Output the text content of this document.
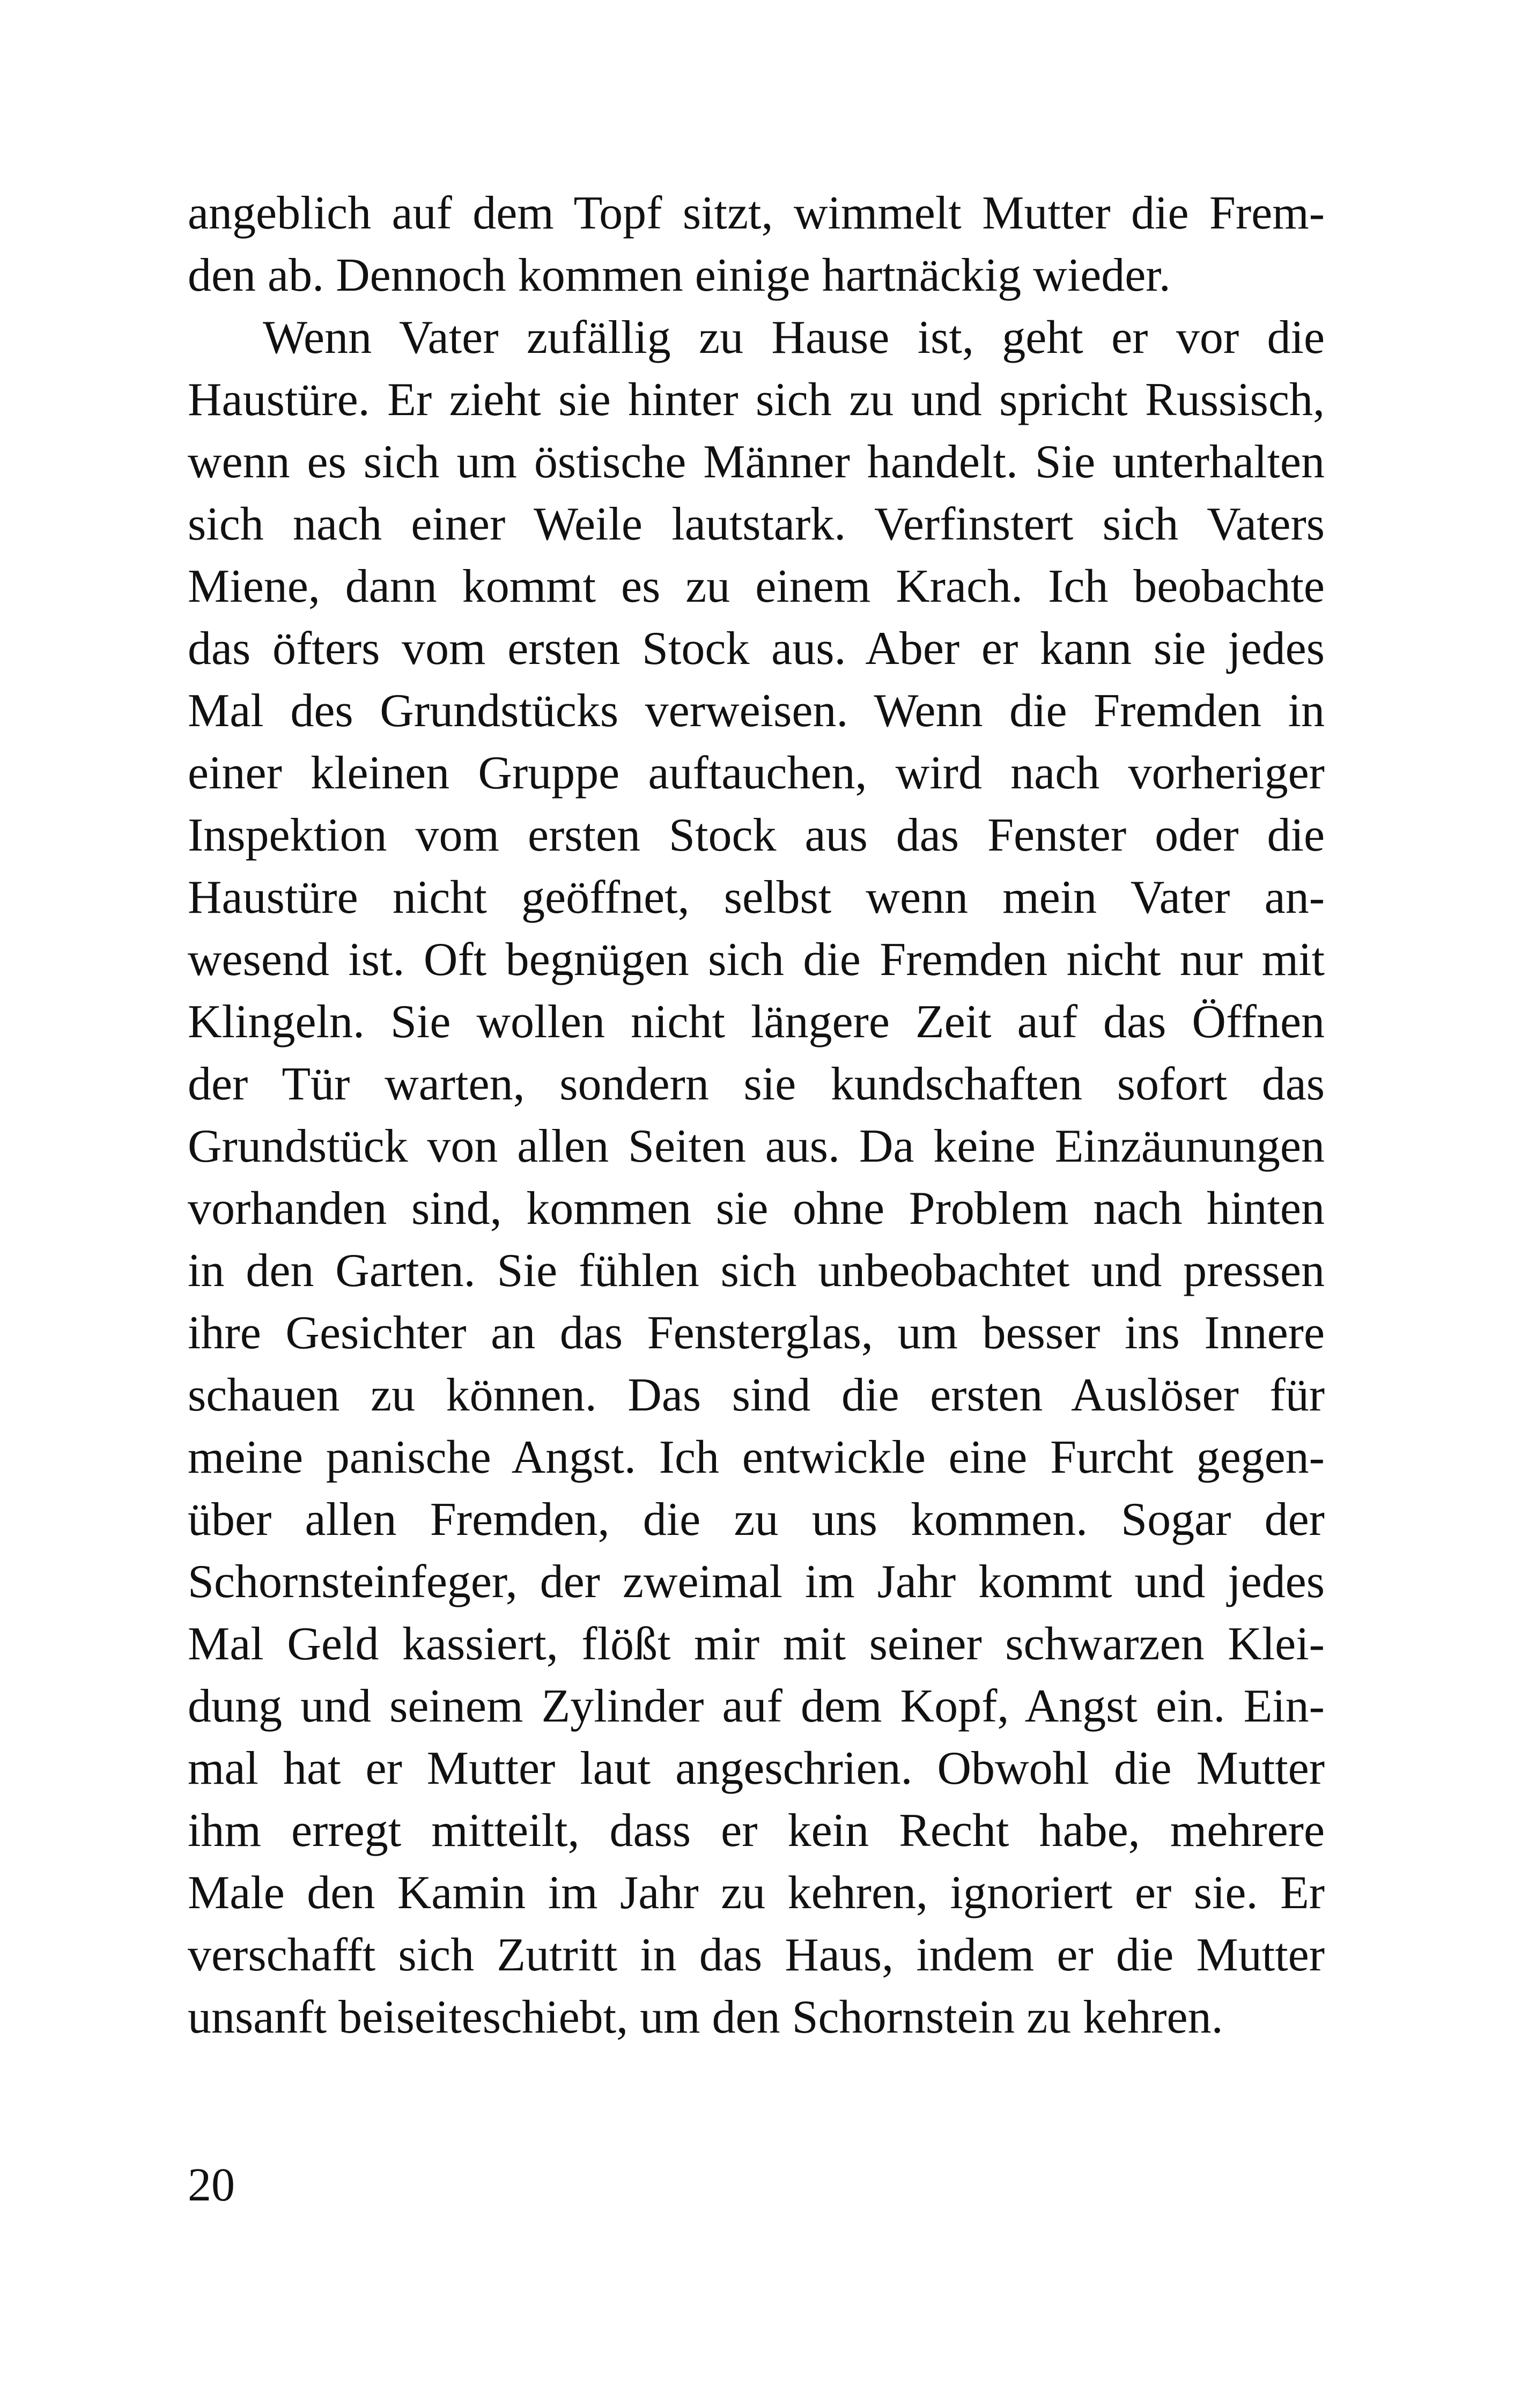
angeblich auf dem Topf sitzt, wimmelt Mutter die Frem-
den ab. Dennoch kommen einige hartnäckig wieder.

Wenn Vater zufällig zu Hause ist, geht er vor die
Haustüre. Er zieht sie hinter sich zu und spricht Russisch,
wenn es sich um östische Männer handelt. Sie unterhalten
sich nach einer Weile lautstark. Verfinstert sich Vaters
Miene, dann kommt es zu einem Krach. Ich beobachte
das öfters vom ersten Stock aus. Aber er kann sie jedes
Mal des Grundstücks verweisen. Wenn die Fremden in
einer kleinen Gruppe auftauchen, wird nach vorheriger
Inspektion vom ersten Stock aus das Fenster oder die
Haustüre nicht geöffnet, selbst wenn mein Vater an-
wesend ist. Oft begnügen sich die Fremden nicht nur mit
Klingeln. Sie wollen nicht längere Zeit auf das Öffnen
der Tür warten, sondern sie kundschaften sofort das
Grundstück von allen Seiten aus. Da keine Einzäunungen
vorhanden sind, kommen sie ohne Problem nach hinten
in den Garten. Sie fühlen sich unbeobachtet und pressen
ihre Gesichter an das Fensterglas, um besser ins Innere
schauen zu können. Das sind die ersten Auslöser für
meine panische Angst. Ich entwickle eine Furcht gegen-
über allen Fremden, die zu uns kommen. Sogar der
Schornsteinfeger, der zweimal im Jahr kommt und jedes
Mal Geld kassiert, flößt mir mit seiner schwarzen Klei-
dung und seinem Zylinder auf dem Kopf, Angst ein. Ein-
mal hat er Mutter laut angeschrien. Obwohl die Mutter
ihm erregt mitteilt, dass er kein Recht habe, mehrere
Male den Kamin im Jahr zu kehren, ignoriert er sie. Er
verschafft sich Zutritt in das Haus, indem er die Mutter
unsanft beiseiteschiebt, um den Schornstein zu kehren.

20
